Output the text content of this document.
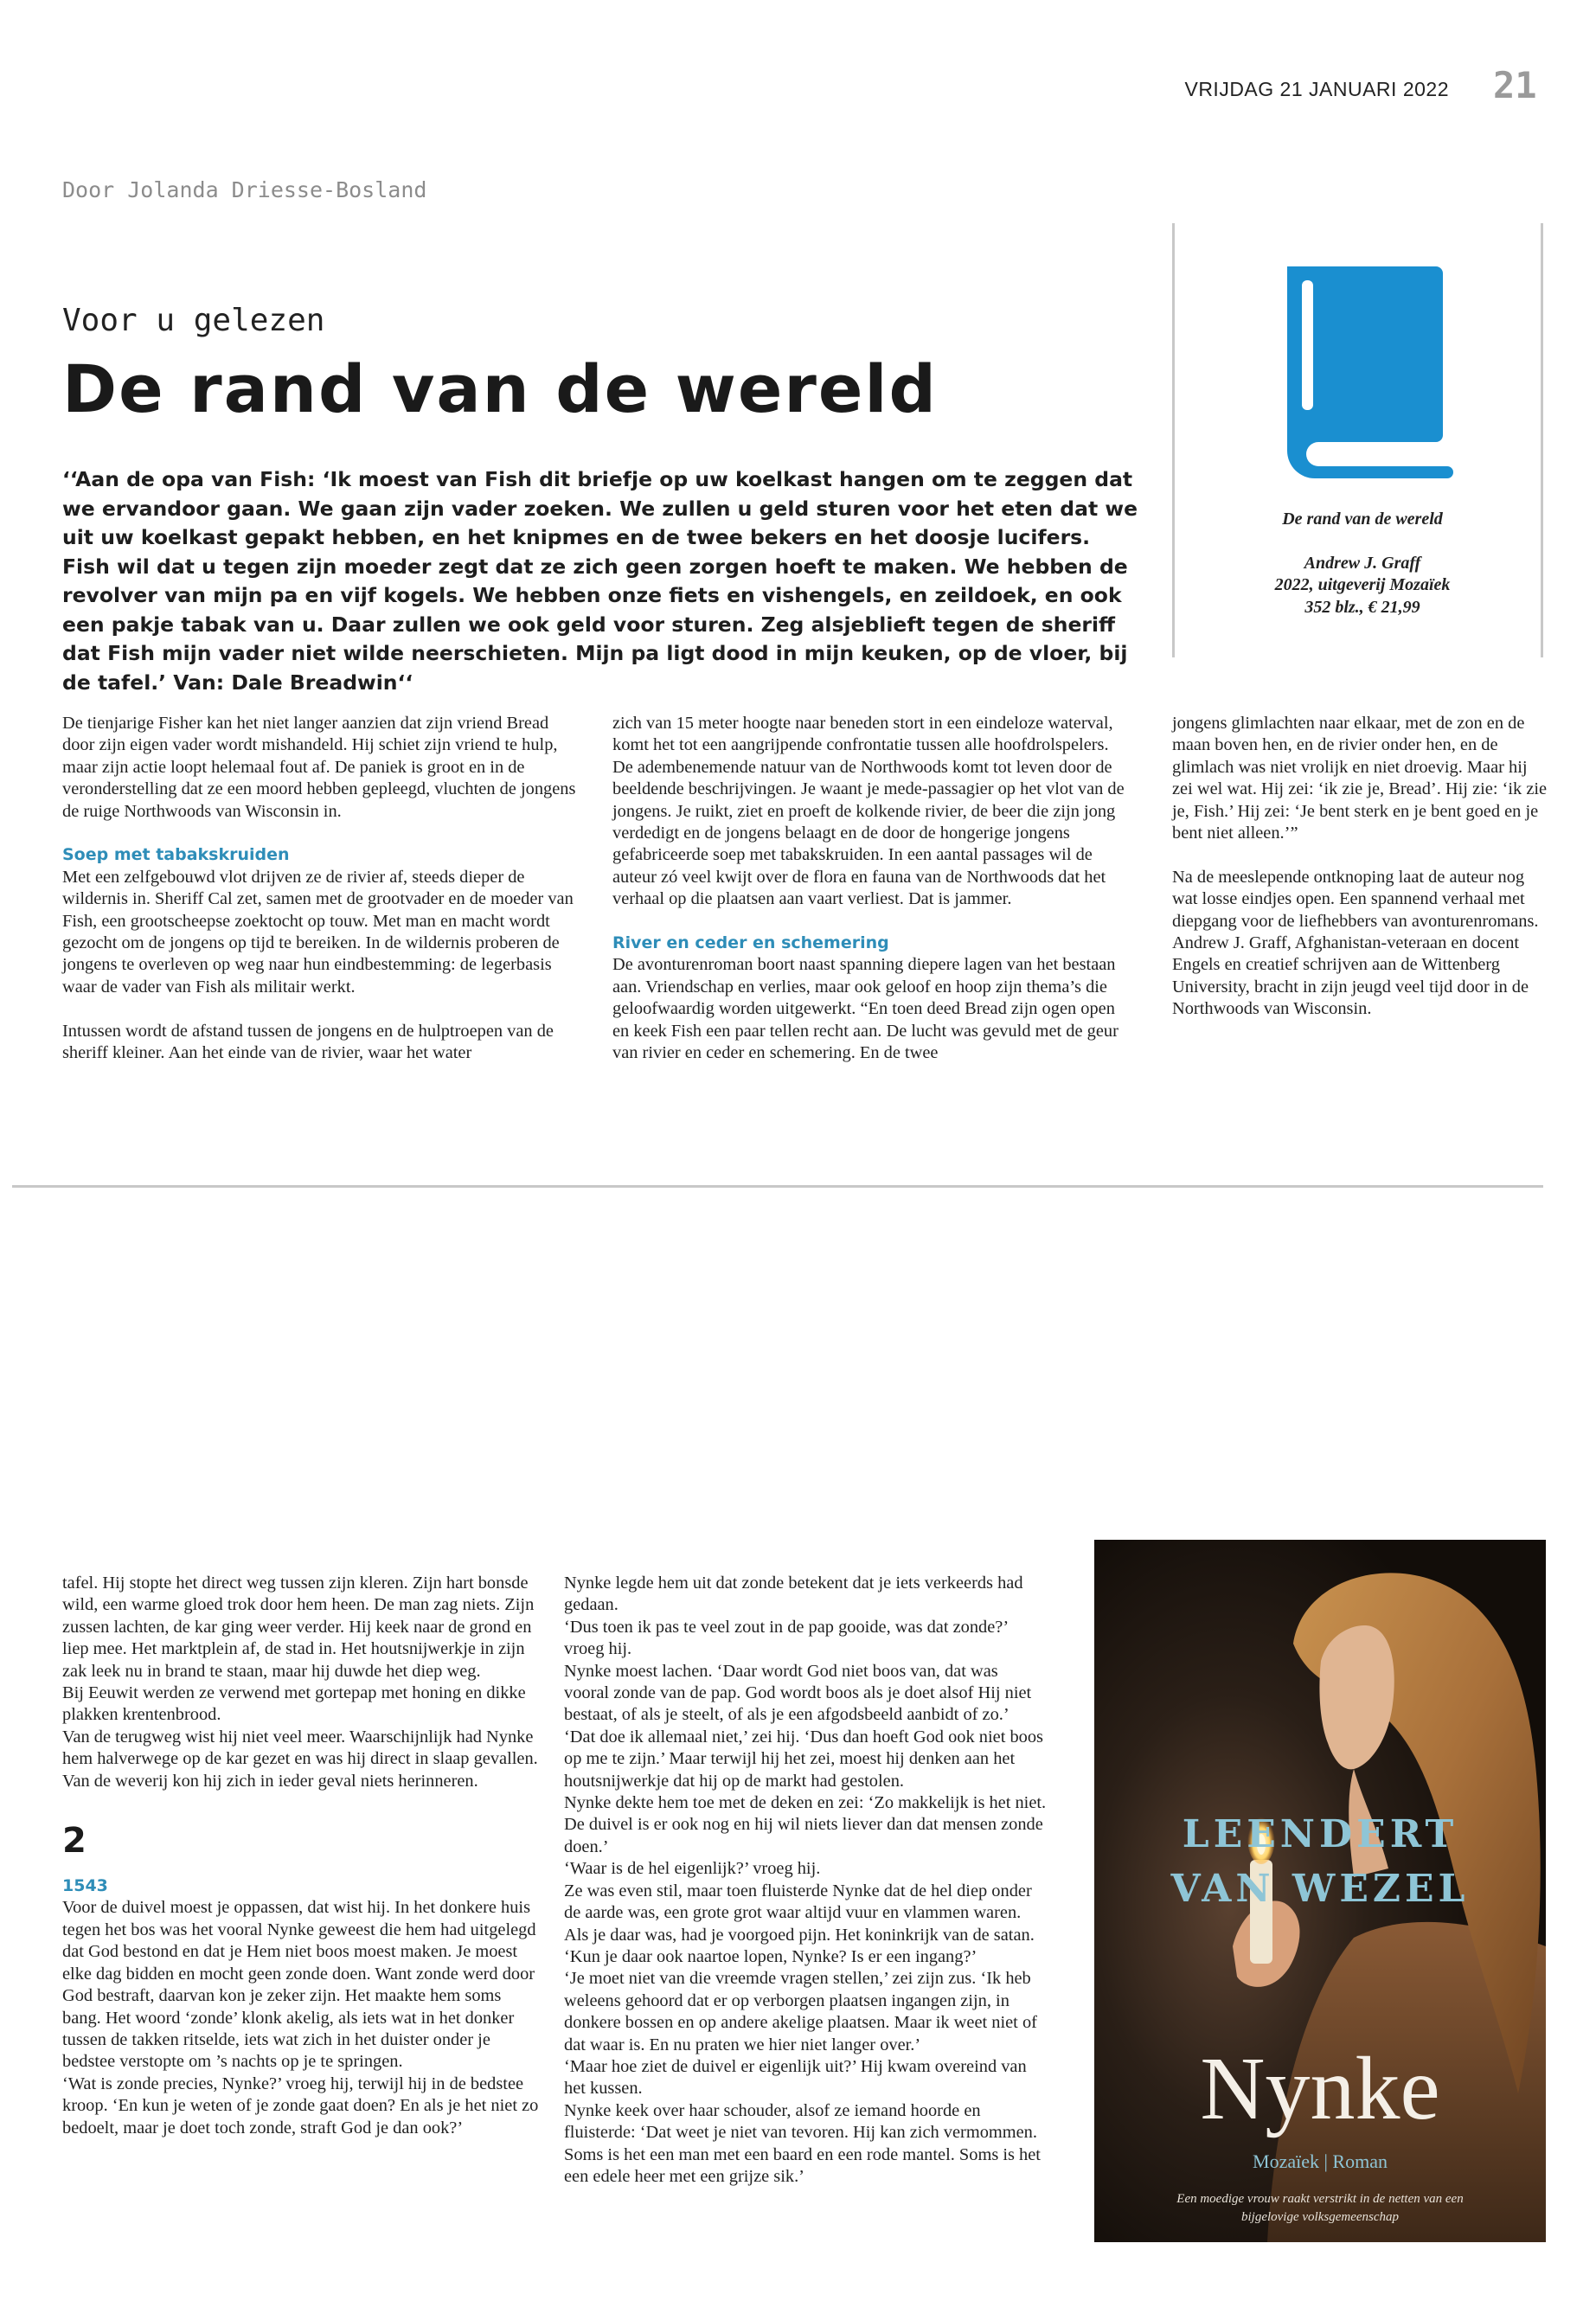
VRIJDAG 21 JANUARI 2022 21
Door Jolanda Driesse-Bosland
Voor u gelezen
De rand van de wereld

‘‘Aan de opa van Fish: ‘Ik moest van Fish dit briefje op uw koelkast hangen om te zeggen dat we ervandoor gaan. We gaan zijn vader zoeken. We zullen u geld sturen voor het eten dat we uit uw koelkast gepakt hebben, en het knipmes en de twee bekers en het doosje lucifers. Fish wil dat u tegen zijn moeder zegt dat ze zich geen zorgen hoeft te maken. We hebben de revolver van mijn pa en vijf kogels. We hebben onze fiets en vishengels, en zeildoek, en ook een pakje tabak van u. Daar zullen we ook geld voor sturen. Zeg alsjeblieft tegen de sheriff dat Fish mijn vader niet wilde neerschieten. Mijn pa ligt dood in mijn keuken, op de vloer, bij de tafel.’ Van: Dale Breadwin‘‘

De rand van de wereld
Andrew J. Graff
2022, uitgeverij Mozaïek
352 blz., € 21,99

De tienjarige Fisher kan het niet langer aanzien dat zijn vriend Bread door zijn eigen vader wordt mishandeld. Hij schiet zijn vriend te hulp, maar zijn actie loopt helemaal fout af. De paniek is groot en in de veronderstelling dat ze een moord hebben gepleegd, vluchten de jongens de ruige Northwoods van Wisconsin in.

Soep met tabakskruiden

Met een zelfgebouwd vlot drijven ze de rivier af, steeds dieper de wildernis in. Sheriff Cal zet, samen met de grootvader en de moeder van Fish, een grootscheepse zoektocht op touw. Met man en macht wordt gezocht om de jongens op tijd te bereiken. In de wildernis proberen de jongens te overleven op weg naar hun eindbestemming: de legerbasis waar de vader van Fish als militair werkt.

Intussen wordt de afstand tussen de jongens en de hulptroepen van de sheriff kleiner. Aan het einde van de rivier, waar het water

zich van 15 meter hoogte naar beneden stort in een eindeloze waterval, komt het tot een aangrijpende confrontatie tussen alle hoofdrolspelers. De adembenemende natuur van de Northwoods komt tot leven door de beeldende beschrijvingen. Je waant je mede-passagier op het vlot van de jongens. Je ruikt, ziet en proeft de kolkende rivier, de beer die zijn jong verdedigt en de jongens belaagt en de door de hongerige jongens gefabriceerde soep met tabakskruiden. In een aantal passages wil de auteur zó veel kwijt over de flora en fauna van de Northwoods dat het verhaal op die plaatsen aan vaart verliest. Dat is jammer.

River en ceder en schemering

De avonturenroman boort naast spanning diepere lagen van het bestaan aan. Vriendschap en verlies, maar ook geloof en hoop zijn thema’s die geloofwaardig worden uitgewerkt. “En toen deed Bread zijn ogen open en keek Fish een paar tellen recht aan. De lucht was gevuld met de geur van rivier en ceder en schemering. En de twee

jongens glimlachten naar elkaar, met de zon en de maan boven hen, en de rivier onder hen, en de glimlach was niet vrolijk en niet droevig. Maar hij zei wel wat. Hij zei: ‘ik zie je, Bread’. Hij zie: ‘ik zie je, Fish.’ Hij zei: ‘Je bent sterk en je bent goed en je bent niet alleen.’”

Na de meeslepende ontknoping laat de auteur nog wat losse eindjes open. Een spannend verhaal met diepgang voor de liefhebbers van avonturenromans. Andrew J. Graff, Afghanistan-veteraan en docent Engels en creatief schrijven aan de Wittenberg University, bracht in zijn jeugd veel tijd door in de Northwoods van Wisconsin.

tafel. Hij stopte het direct weg tussen zijn kleren. Zijn hart bonsde wild, een warme gloed trok door hem heen. De man zag niets. Zijn zussen lachten, de kar ging weer verder. Hij keek naar de grond en liep mee. Het marktplein af, de stad in. Het houtsnijwerkje in zijn zak leek nu in brand te staan, maar hij duwde het diep weg.

Bij Eeuwit werden ze verwend met gortepap met honing en dikke plakken krentenbrood.

Van de terugweg wist hij niet veel meer. Waarschijnlijk had Nynke hem halverwege op de kar gezet en was hij direct in slaap gevallen. Van de weverij kon hij zich in ieder geval niets herinneren.

2

1543

Voor de duivel moest je oppassen, dat wist hij. In het donkere huis tegen het bos was het vooral Nynke geweest die hem had uitgelegd dat God bestond en dat je Hem niet boos moest maken. Je moest elke dag bidden en mocht geen zonde doen. Want zonde werd door God bestraft, daarvan kon je zeker zijn. Het maakte hem soms bang. Het woord ‘zonde’ klonk akelig, als iets wat in het donker tussen de takken ritselde, iets wat zich in het duister onder je bedstee verstopte om ’s nachts op je te springen.

‘Wat is zonde precies, Nynke?’ vroeg hij, terwijl hij in de bedstee kroop. ‘En kun je weten of je zonde gaat doen? En als je het niet zo bedoelt, maar je doet toch zonde, straft God je dan ook?’

Nynke legde hem uit dat zonde betekent dat je iets verkeerds had gedaan.

‘Dus toen ik pas te veel zout in de pap gooide, was dat zonde?’ vroeg hij.

Nynke moest lachen. ‘Daar wordt God niet boos van, dat was vooral zonde van de pap. God wordt boos als je doet alsof Hij niet bestaat, of als je steelt, of als je een afgodsbeeld aanbidt of zo.’

‘Dat doe ik allemaal niet,’ zei hij. ‘Dus dan hoeft God ook niet boos op me te zijn.’ Maar terwijl hij het zei, moest hij denken aan het houtsnijwerkje dat hij op de markt had gestolen.

Nynke dekte hem toe met de deken en zei: ‘Zo makkelijk is het niet. De duivel is er ook nog en hij wil niets liever dan dat mensen zonde doen.’

‘Waar is de hel eigenlijk?’ vroeg hij.

Ze was even stil, maar toen fluisterde Nynke dat de hel diep onder de aarde was, een grote grot waar altijd vuur en vlammen waren. Als je daar was, had je voorgoed pijn. Het koninkrijk van de satan.

‘Kun je daar ook naartoe lopen, Nynke? Is er een ingang?’

‘Je moet niet van die vreemde vragen stellen,’ zei zijn zus. ‘Ik heb weleens gehoord dat er op verborgen plaatsen ingangen zijn, in donkere bossen en op andere akelige plaatsen. Maar ik weet niet of dat waar is. En nu praten we hier niet langer over.’

‘Maar hoe ziet de duivel er eigenlijk uit?’ Hij kwam overeind van het kussen.

Nynke keek over haar schouder, alsof ze iemand hoorde en fluisterde: ‘Dat weet je niet van tevoren. Hij kan zich vermommen. Soms is het een man met een baard en een rode mantel. Soms is het een edele heer met een grijze sik.’

LEENDERT
VAN WEZEL
Nynke
Mozaïek | Roman
Een moedige vrouw raakt verstrikt in de netten van een bijgelovige volksgemeenschap
